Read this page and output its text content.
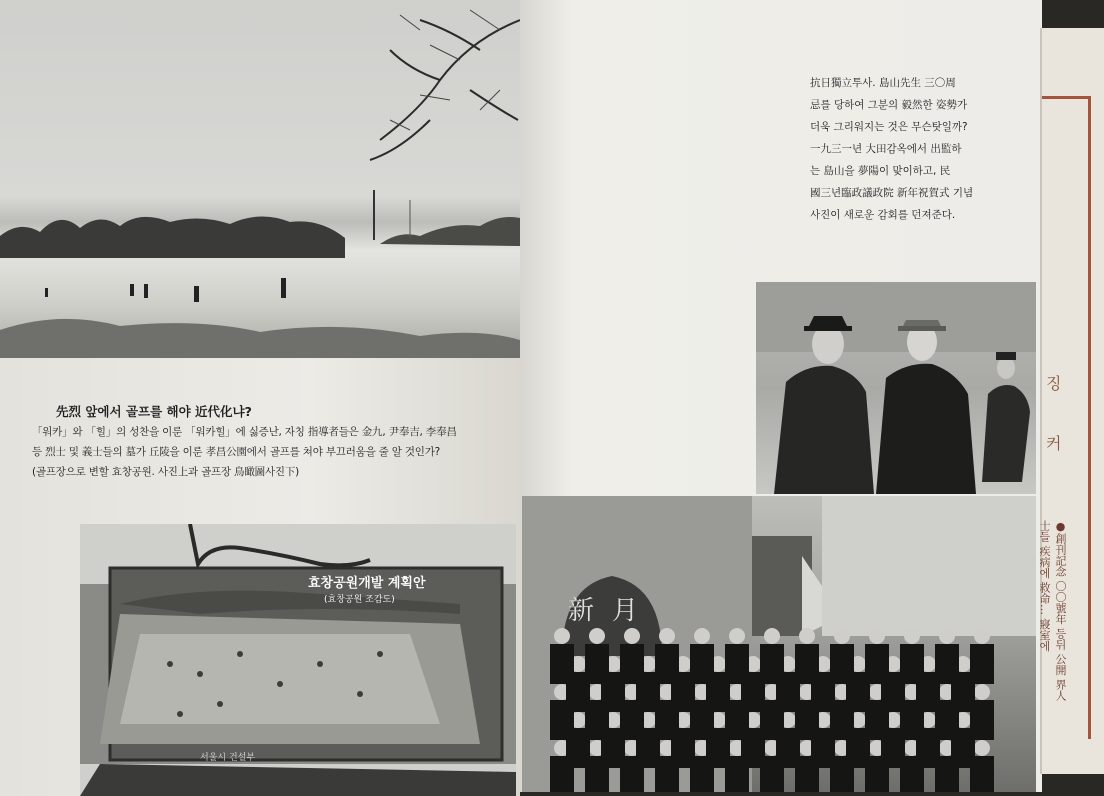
先烈 앞에서 골프를 해야 近代化냐?
「워카」와 「힐」의 성찬을 이룬 「워카힐」에 싫증난, 자칭 指導者들은 金九, 尹奉吉, 李奉昌
등 烈士 및 義士들의 墓가 丘陵을 이룬 孝昌公園에서 골프를 쳐야 부끄러움을 줄 알 것인가?
(골프장으로 변할 효창공원. 사진上과 골프장 鳥瞰圖사진下)
효창공원개발 계획안
(효창공원 조감도)
서울시 건설부
抗日獨立투사. 島山先生 三〇周
忌를 당하여 그분의 毅然한 姿勢가
더욱 그리워지는 것은 무슨탓일까?
一九三一년 大田감옥에서 出監하
는 島山을 夢陽이 맞이하고, 民
國三년臨政議政院 新年祝賀式 기념
사진이 새로운 감회를 던져준다.
新月
징
커
●創刊記念 〇〇號年 등뒤 公開 界人士들 疾病에 救命… 寢室에
